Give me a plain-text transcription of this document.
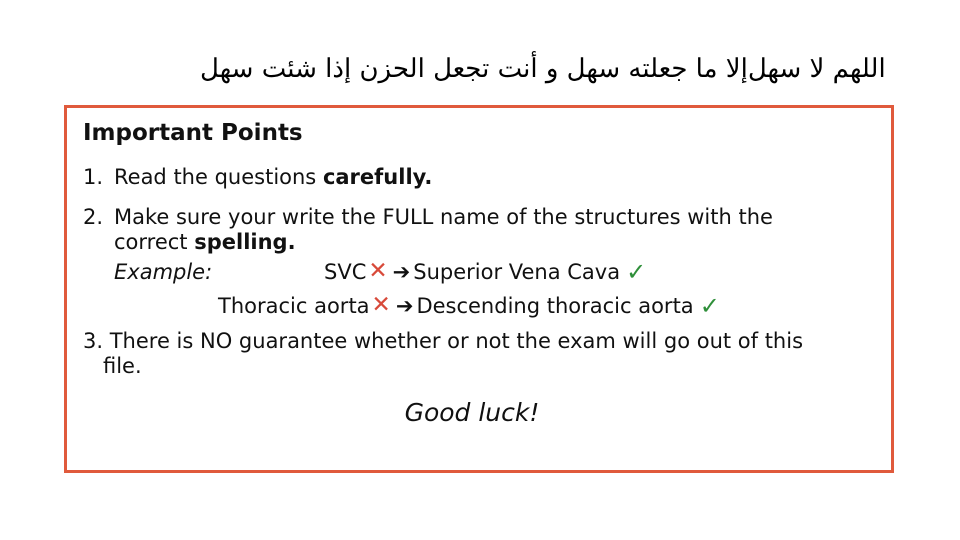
إلا ما جعلته سهل و أنت تجعل الحزن إذا شئت سهل اللهم لا سهل
Important Points
1. Read the questions carefully.
2. Make sure your write the FULL name of the structures with the
correct spelling.
Example:	SVC ✕ ➔ Superior Vena Cava ✓
Thoracic aorta ✕ ➔ Descending thoracic aorta ✓
3. There is NO guarantee whether or not the exam will go out of this
file.
Good luck!
